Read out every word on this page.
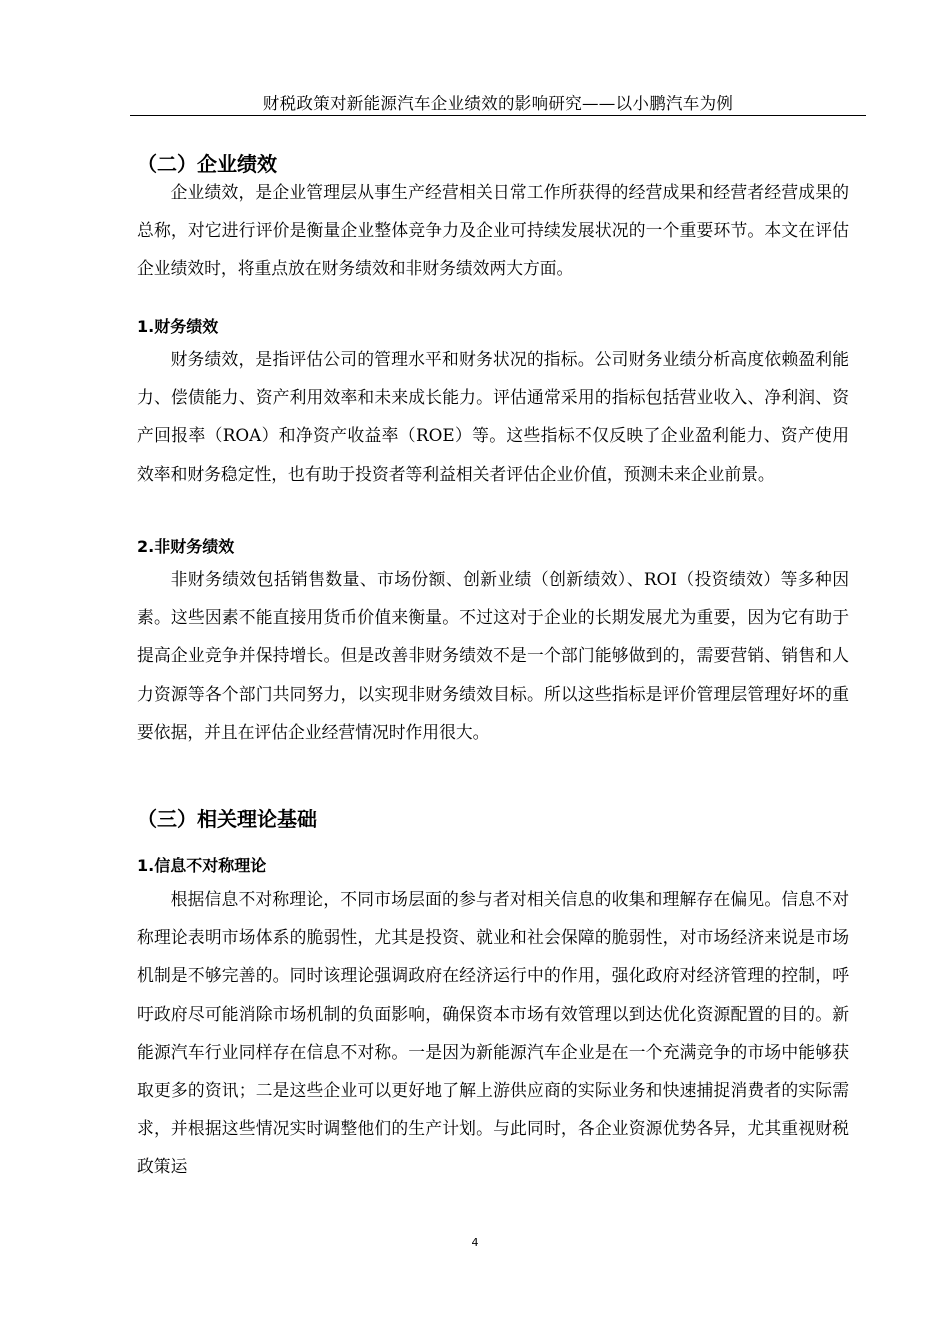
财税政策对新能源汽车企业绩效的影响研究——以小鹏汽车为例
（二）企业绩效

企业绩效，是企业管理层从事生产经营相关日常工作所获得的经营成果和经营者经营成果的总称，对它进行评价是衡量企业整体竞争力及企业可持续发展状况的一个重要环节。本文在评估企业绩效时，将重点放在财务绩效和非财务绩效两大方面。

1.财务绩效

财务绩效，是指评估公司的管理水平和财务状况的指标。公司财务业绩分析高度依赖盈利能力、偿债能力、资产利用效率和未来成长能力。评估通常采用的指标包括营业收入、净利润、资产回报率（ROA）和净资产收益率（ROE）等。这些指标不仅反映了企业盈利能力、资产使用效率和财务稳定性，也有助于投资者等利益相关者评估企业价值，预测未来企业前景。

2.非财务绩效

非财务绩效包括销售数量、市场份额、创新业绩（创新绩效）、ROI（投资绩效）等多种因素。这些因素不能直接用货币价值来衡量。不过这对于企业的长期发展尤为重要，因为它有助于提高企业竞争并保持增长。但是改善非财务绩效不是一个部门能够做到的，需要营销、销售和人力资源等各个部门共同努力，以实现非财务绩效目标。所以这些指标是评价管理层管理好坏的重要依据，并且在评估企业经营情况时作用很大。

（三）相关理论基础
1.信息不对称理论

根据信息不对称理论，不同市场层面的参与者对相关信息的收集和理解存在偏见。信息不对称理论表明市场体系的脆弱性，尤其是投资、就业和社会保障的脆弱性，对市场经济来说是市场机制是不够完善的。同时该理论强调政府在经济运行中的作用，强化政府对经济管理的控制，呼吁政府尽可能消除市场机制的负面影响，确保资本市场有效管理以到达优化资源配置的目的。新能源汽车行业同样存在信息不对称。一是因为新能源汽车企业是在一个充满竞争的市场中能够获取更多的资讯；二是这些企业可以更好地了解上游供应商的实际业务和快速捕捉消费者的实际需求，并根据这些情况实时调整他们的生产计划。与此同时，各企业资源优势各异，尤其重视财税政策运

4
